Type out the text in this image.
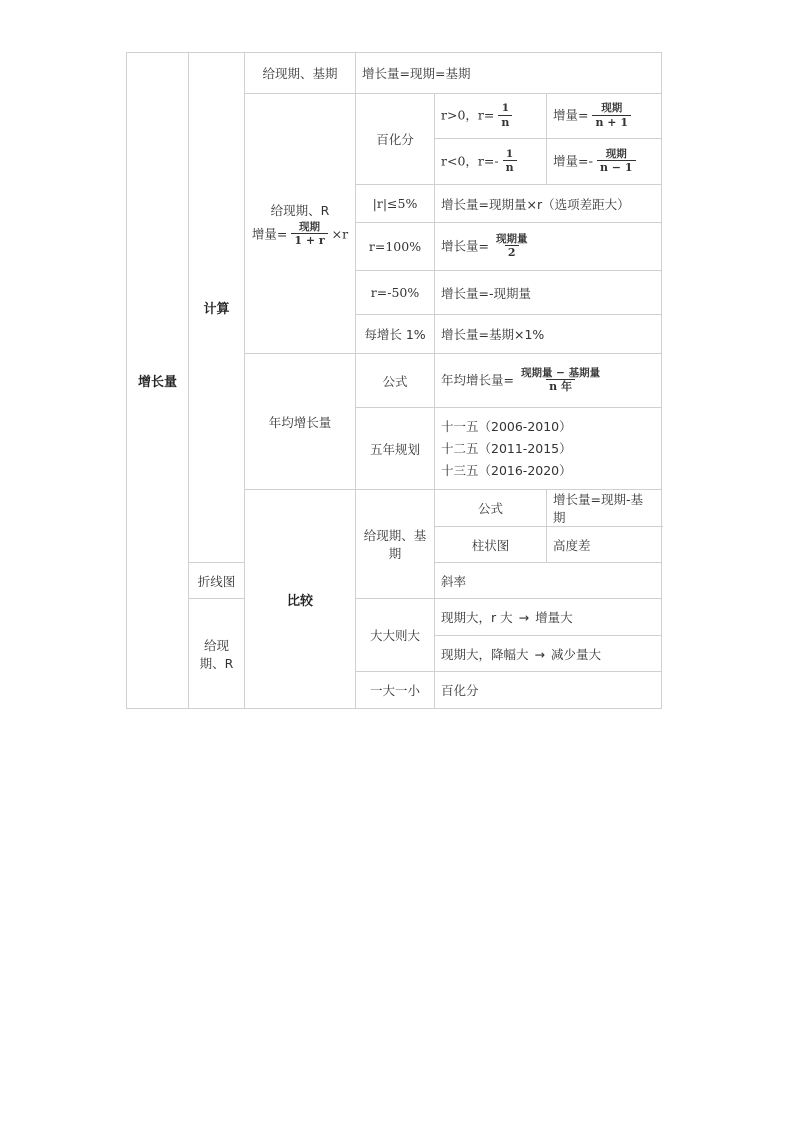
增长量	计算	给现期、基期	增长量=现期=基期		

		给现期、R
增量= $\frac{\text{现期}}{1 + r} \times r$	百化分	r>0，$r= \frac{1}{n}$	增量= $\frac{\text{现期}}{n + 1}$

				r<0，$r=- \frac{1}{n}$	增量=- $\frac{\text{现期}}{n - 1}$

			|r|≤5%	增长量=现期量×r（选项差距大）	
			r=100%	增长量= $\frac{\text{现期量}}{2}$

			r=-50%	增长量=-现期量	
			每增长 1%	增长量=基期×1%	
		年均增长量	公式	年均增长量= $\frac{\text{现期量 − 基期量}}{\text{n 年}}$

			五年规划	十一五（2006-2010）
十二五（2011-2015）
十三五（2016-2020）	

		比较	给现期、基期	公式	增长量=现期-基期
				柱状图	高度差
	折线图			斜率	
	给现期、R		大大则大	现期大，r 大 → 增量大	
				现期大，降幅大 → 减少量大	
			一大一小	百化分	
